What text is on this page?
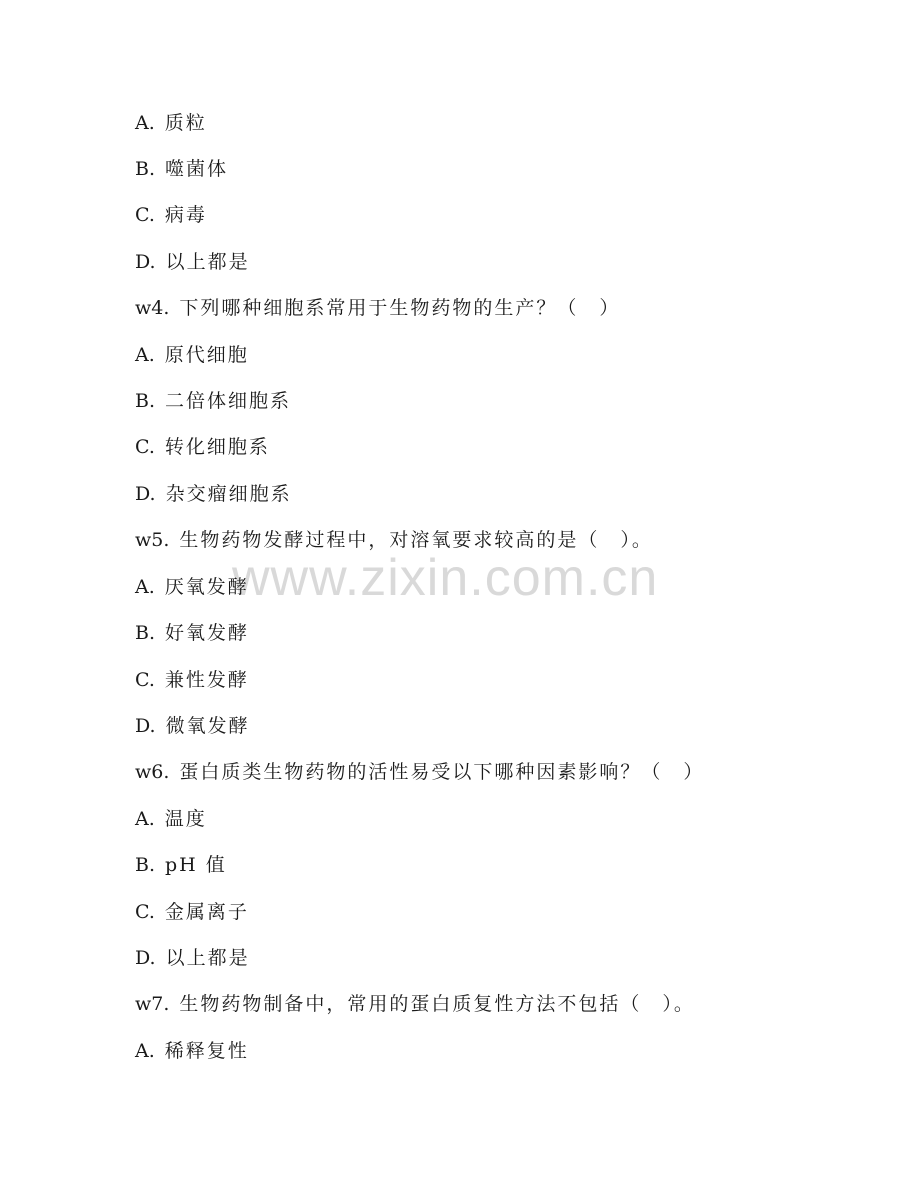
www.zixin.com.cn
A. 质粒
B. 噬菌体
C. 病毒
D. 以上都是
w4. 下列哪种细胞系常用于生物药物的生产？（　）
A. 原代细胞
B. 二倍体细胞系
C. 转化细胞系
D. 杂交瘤细胞系
w5. 生物药物发酵过程中，对溶氧要求较高的是（　）。
A. 厌氧发酵
B. 好氧发酵
C. 兼性发酵
D. 微氧发酵
w6. 蛋白质类生物药物的活性易受以下哪种因素影响？（　）
A. 温度
B. pH 值
C. 金属离子
D. 以上都是
w7. 生物药物制备中，常用的蛋白质复性方法不包括（　）。
A. 稀释复性
